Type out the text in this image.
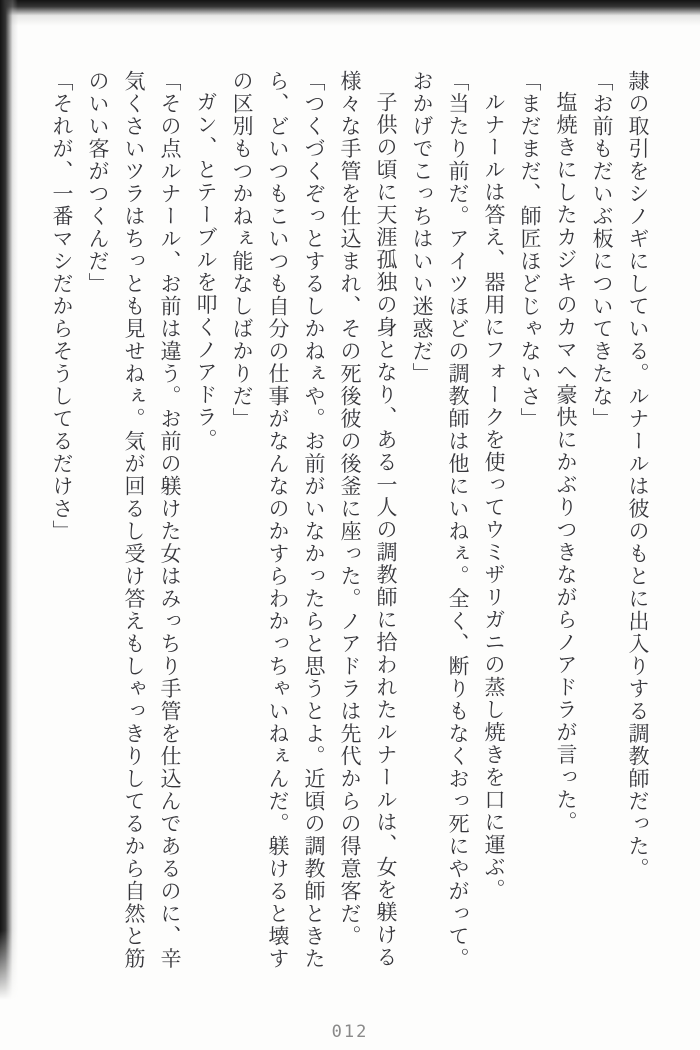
隷の取引をシノギにしている。ルナールは彼のもとに出入りする調教師だった。

「お前もだいぶ板についてきたな」

塩焼きにしたカジキのカマへ豪快にかぶりつきながらノアドラが言った。

「まだまだ、師匠ほどじゃないさ」

ルナールは答え、器用にフォークを使ってウミザリガニの蒸し焼きを口に運ぶ。

「当たり前だ。アイツほどの調教師は他にいねぇ。全く、断りもなくおっ死にやがって。おかげでこっちはいい迷惑だ」

子供の頃に天涯孤独の身となり、ある一人の調教師に拾われたルナールは、女を躾ける様々な手管を仕込まれ、その死後彼の後釜に座った。ノアドラは先代からの得意客だ。

「つくづくぞっとするしかねぇや。お前がいなかったらと思うとよ。近頃の調教師ときたら、どいつもこいつも自分の仕事がなんなのかすらわかっちゃいねぇんだ。躾けると壊すの区別もつかねぇ能なしばかりだ」

ガン、とテーブルを叩くノアドラ。

「その点ルナール、お前は違う。お前の躾けた女はみっちり手管を仕込んであるのに、辛気くさいツラはちっとも見せねぇ。気が回るし受け答えもしゃっきりしてるから自然と筋のいい客がつくんだ」

「それが、一番マシだからそうしてるだけさ」

012
